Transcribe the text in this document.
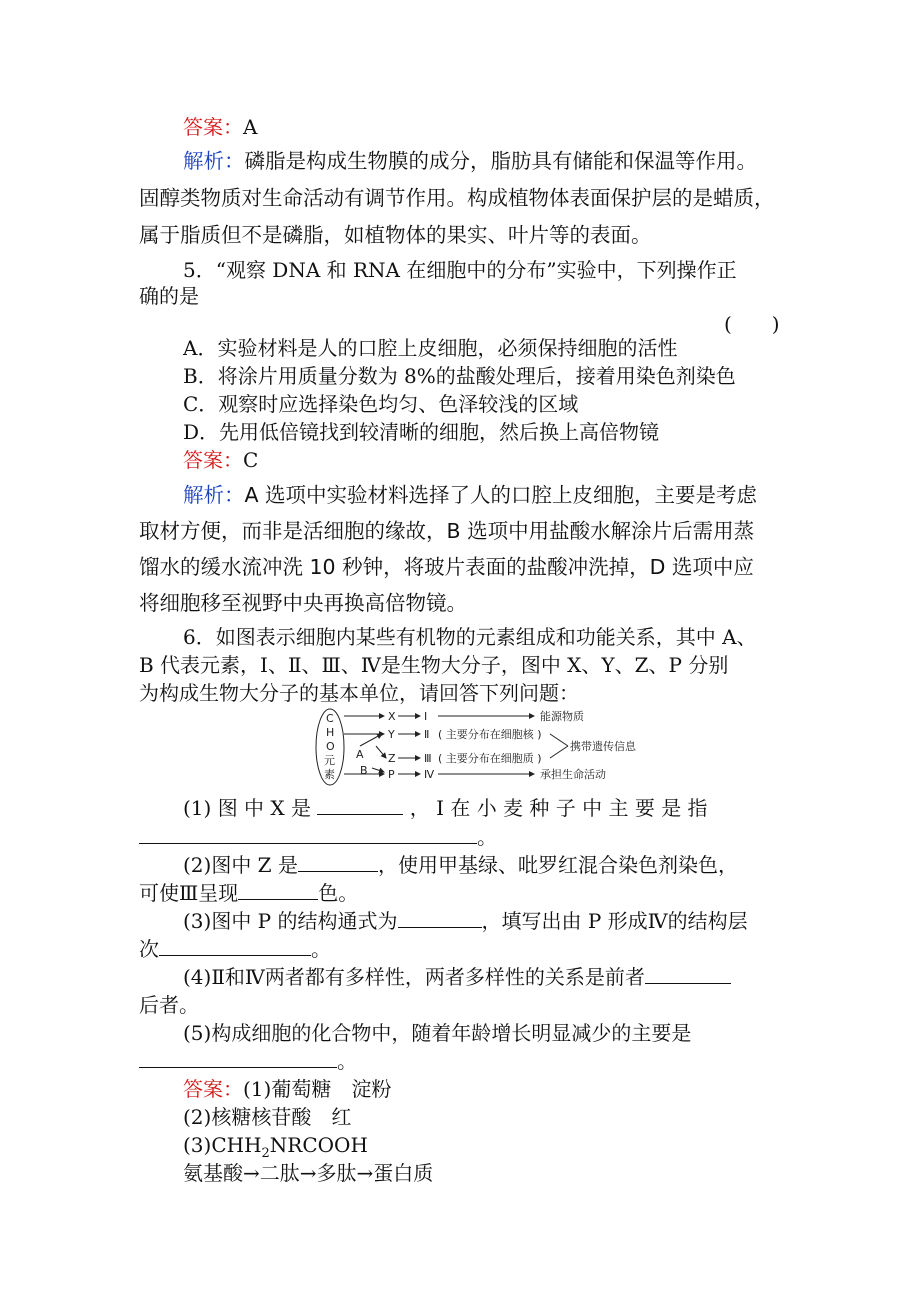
答案：A
解析：磷脂是构成生物膜的成分，脂肪具有储能和保温等作用。
固醇类物质对生命活动有调节作用。构成植物体表面保护层的是蜡质，
属于脂质但不是磷脂，如植物体的果实、叶片等的表面。
5．“观察 DNA 和 RNA 在细胞中的分布”实验中，下列操作正
确的是
(　　)
A．实验材料是人的口腔上皮细胞，必须保持细胞的活性
B．将涂片用质量分数为 8%的盐酸处理后，接着用染色剂染色
C．观察时应选择染色均匀、色泽较浅的区域
D．先用低倍镜找到较清晰的细胞，然后换上高倍物镜
答案：C
解析：A 选项中实验材料选择了人的口腔上皮细胞，主要是考虑
取材方便，而非是活细胞的缘故，B 选项中用盐酸水解涂片后需用蒸
馏水的缓水流冲洗 10 秒钟，将玻片表面的盐酸冲洗掉，D 选项中应
将细胞移至视野中央再换高倍物镜。
6．如图表示细胞内某些有机物的元素组成和功能关系，其中 A、
B 代表元素，Ⅰ、Ⅱ、Ⅲ、Ⅳ是生物大分子，图中 X、Y、Z、P 分别
为构成生物大分子的基本单位，请回答下列问题：
C
H
O
元
素
A
B
X
Y
Z
P
Ⅰ
Ⅱ
Ⅲ
Ⅳ
( 主要分布在细胞核 )
( 主要分布在细胞质 )
能源物质
携带遗传信息
承担生命活动
(1) 图 中 X 是	， Ⅰ 在 小 麦 种 子 中 主 要 是 指
。
(2)图中 Z 是	，使用甲基绿、吡罗红混合染色剂染色，
可使Ⅲ呈现	色。
(3)图中 P 的结构通式为	，填写出由 P 形成Ⅳ的结构层
次	。
(4)Ⅱ和Ⅳ两者都有多样性，两者多样性的关系是前者
后者。
(5)构成细胞的化合物中，随着年龄增长明显减少的主要是
。
答案：(1)葡萄糖　淀粉
(2)核糖核苷酸　红
$(3)CHH_2NRCOOH$
氨基酸→二肽→多肽→蛋白质
